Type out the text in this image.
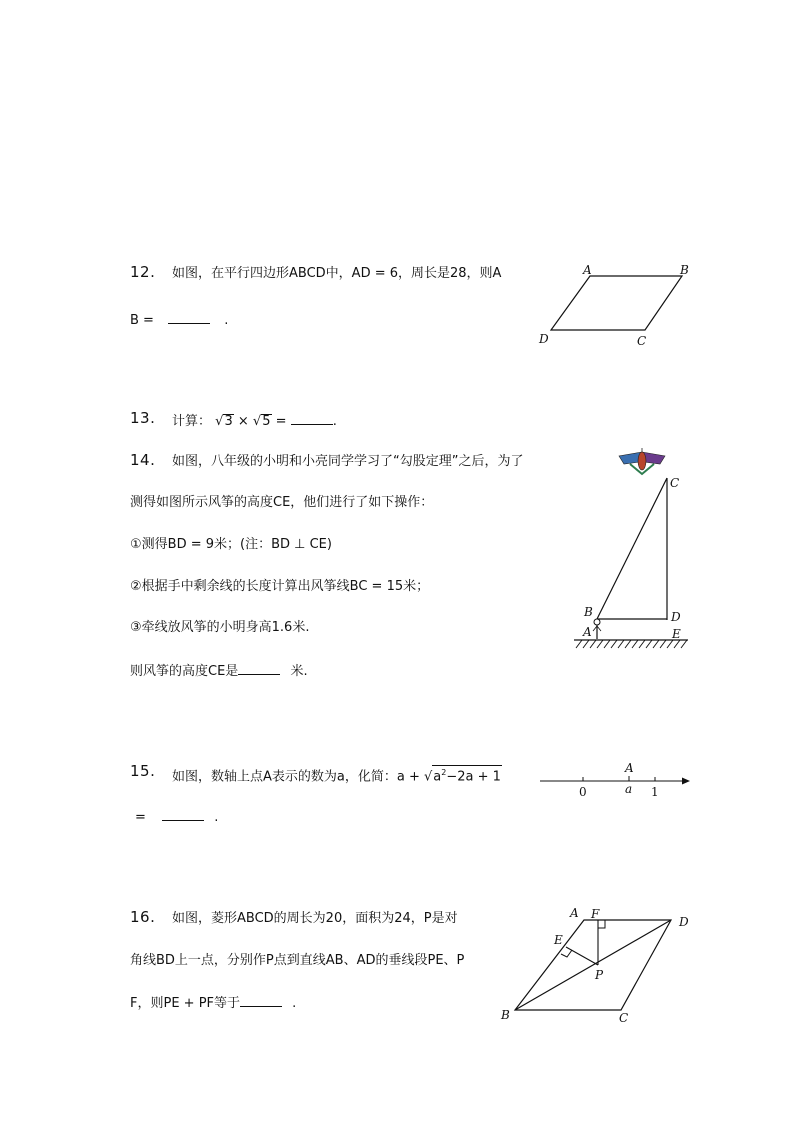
12. 如图，在平行四边形ABCD中，AD = 6，周长是28，则A
B =	.
A	B
C
D
13. 计算： √3 × √5 =	.
14. 如图，八年级的小明和小亮同学学习了“勾股定理”之后，为了
测得如图所示风筝的高度CE，他们进行了如下操作：
①测得BD = 9米；(注：BD ⊥ CE)
②根据手中剩余线的长度计算出风筝线BC = 15米；
③牵线放风筝的小明身高1.6米.
则风筝的高度CE是	米.
C
B	D
A	E
15. 如图，数轴上点A表示的数为a，化简：$a + √a^2-2a + 1$
=	.
A
0	a 1
16. 如图，菱形ABCD的周长为20，面积为24，P是对
角线BD上一点，分别作P点到直线AB、AD的垂线段PE、P
F，则PE + PF等于	.
A F
D
E
P
B	C
